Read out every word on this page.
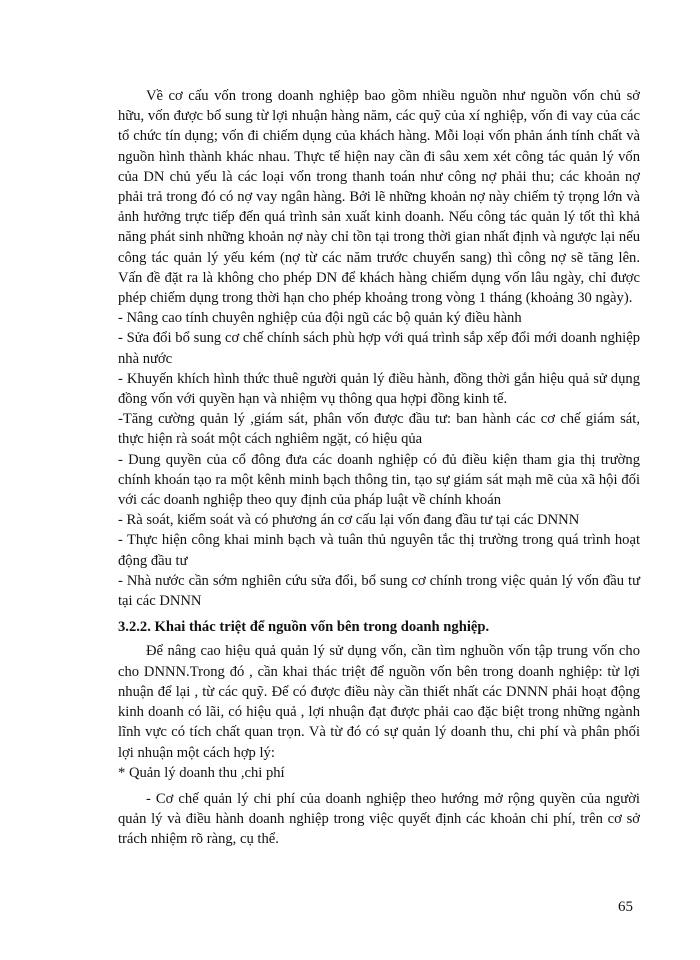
Về cơ cấu vốn trong doanh nghiệp bao gồm nhiều nguồn như nguồn vốn chủ sở hữu, vốn được bổ sung từ lợi nhuận hàng năm, các quỹ của xí nghiệp, vốn đi vay của các tổ chức tín dụng; vốn đi chiếm dụng của khách hàng. Mỗi loại vốn phản ánh tính chất và nguồn hình thành khác nhau. Thực tế hiện nay cần đi sâu xem xét công tác quản lý vốn của DN chủ yếu là các loại vốn trong thanh toán như công nợ phải thu; các khoản nợ phải trả trong đó có nợ vay ngân hàng. Bởi lẽ những khoản nợ này chiếm tỷ trọng lớn và ảnh hưởng trực tiếp đến quá trình sản xuất kinh doanh. Nếu công tác quản lý tốt thì khả năng phát sinh những khoản nợ này chỉ tồn tại trong thời gian nhất định và ngược lại nếu công tác quản lý yếu kém (nợ từ các năm trước chuyển sang) thì công nợ sẽ tăng lên. Vấn đề đặt ra là không cho phép DN để khách hàng chiếm dụng vốn lâu ngày, chỉ được phép chiếm dụng trong thời hạn cho phép khoảng trong vòng 1 tháng (khoảng 30 ngày).

- Nâng cao tính chuyên nghiệp của đội ngũ các bộ quản ký điều hành

- Sửa đổi bổ sung cơ chế chính sách phù hợp với quá trình sắp xếp đổi mới doanh nghiệp nhà nước

- Khuyến khích hình thức thuê người quản lý điều hành, đồng thời gắn hiệu quả sử dụng đồng vốn với quyền hạn và nhiệm vụ thông qua hợpi đồng kinh tế.

-Tăng cường quản lý ,giám sát, phân vốn được đầu tư: ban hành các cơ chế giám sát, thực hiện rà soát một cách nghiêm ngặt, có hiệu qủa

- Dung quyền của cổ đông đưa các doanh nghiệp có đủ điều kiện tham gia thị trường chính khoán tạo ra một kênh minh bạch thông tin, tạo sự giám sát mạh mẽ của xã hội đối với các doanh nghiệp theo quy định của pháp luật về chính khoán

- Rà soát, kiểm soát và có phương án cơ cấu lại vốn đang đầu tư tại các DNNN

- Thực hiện công khai minh bạch và tuân thủ nguyên tắc thị trường trong quá trình hoạt động đầu tư

- Nhà nước cần sớm nghiên cứu sửa đổi, bổ sung cơ chính trong việc quản lý vốn đầu tư tại các DNNN

3.2.2. Khai thác triệt để nguồn vốn bên trong doanh nghiệp.

Để nâng cao hiệu quả quản lý sử dụng vốn, cần tìm nghuồn vốn tập trung vốn cho cho DNNN.Trong đó , cần khai thác triệt để nguồn vốn bên trong doanh nghiệp: từ lợi nhuận để lại , từ các quỹ. Để có được điều này cần thiết nhất các DNNN phải hoạt động kinh doanh có lãi, có hiệu quả , lợi nhuận đạt được phải cao đặc biệt trong những ngành lĩnh vực có tích chất quan trọn. Và từ đó có sự quản lý doanh thu, chi phí và phân phối lợi nhuận một cách hợp lý:

* Quản lý doanh thu ,chi phí

- Cơ chế quản lý chi phí của doanh nghiệp theo hướng mở rộng quyền của người quản lý và điều hành doanh nghiệp trong việc quyết định các khoản chi phí, trên cơ sở trách nhiệm rõ ràng, cụ thể.

65
